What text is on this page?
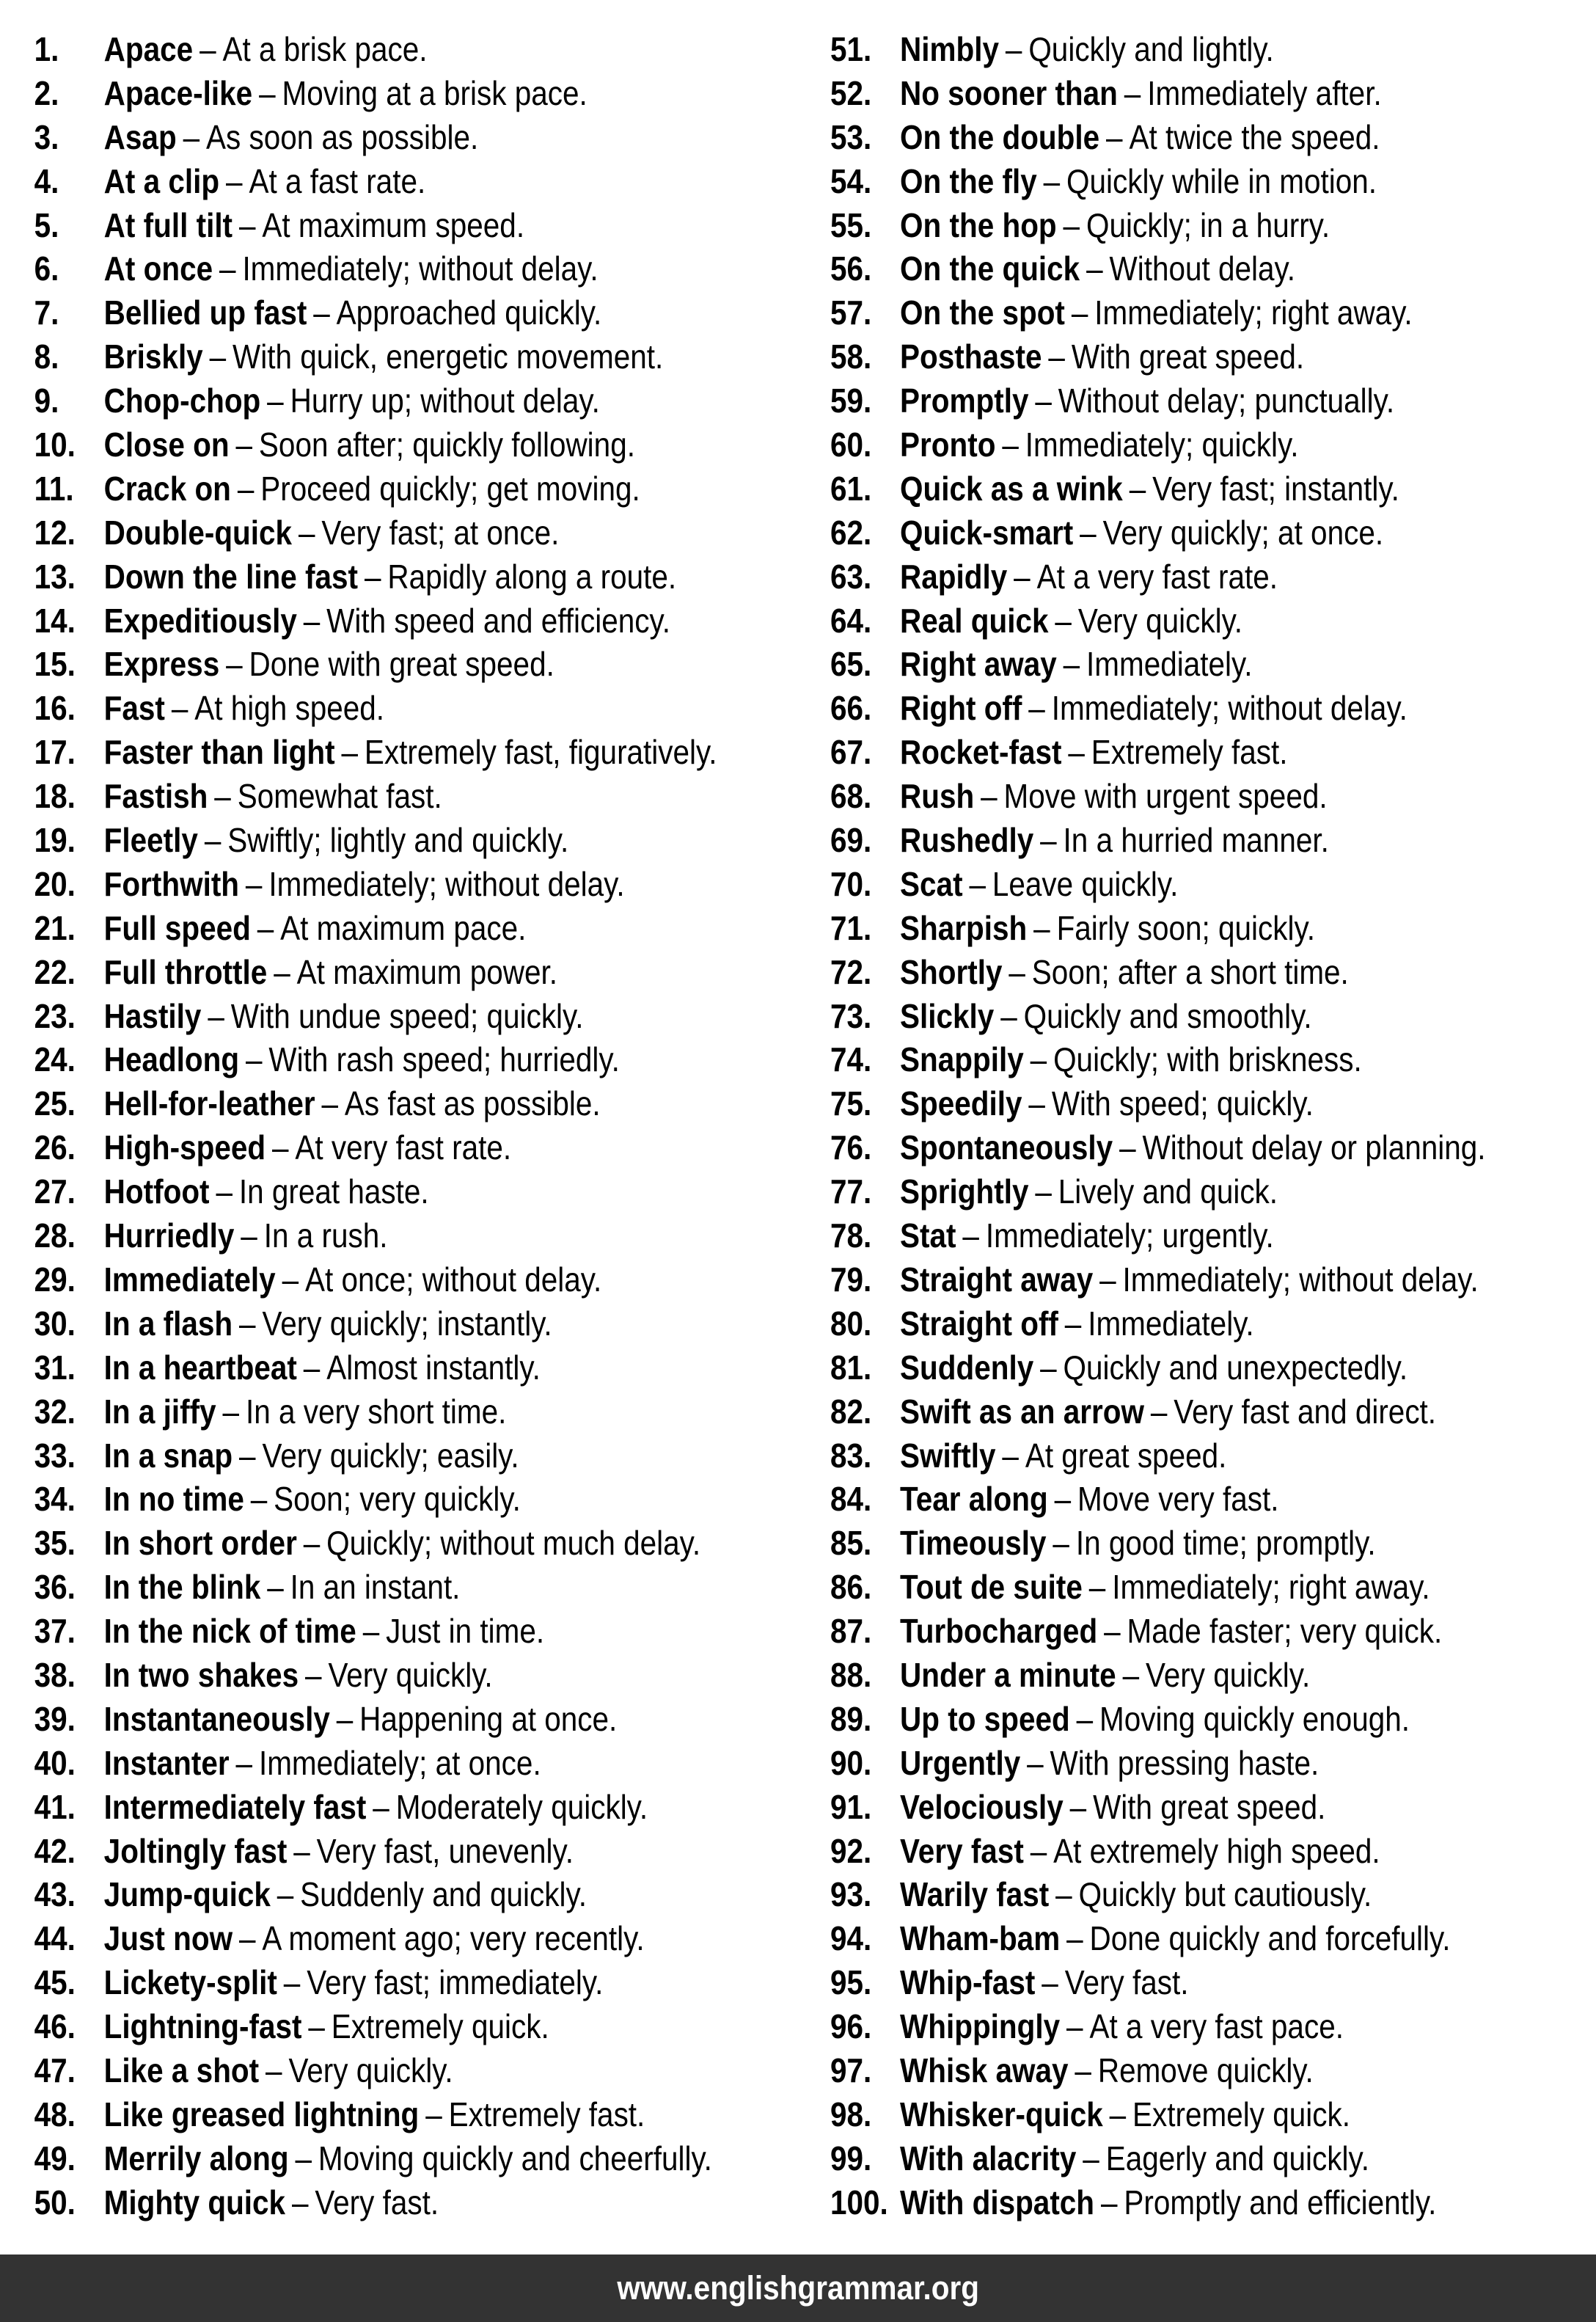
1. Apace – At a brisk pace.
2. Apace-like – Moving at a brisk pace.
3. Asap – As soon as possible.
4. At a clip – At a fast rate.
5. At full tilt – At maximum speed.
6. At once – Immediately; without delay.
7. Bellied up fast – Approached quickly.
8. Briskly – With quick, energetic movement.
9. Chop-chop – Hurry up; without delay.
10. Close on – Soon after; quickly following.
11. Crack on – Proceed quickly; get moving.
12. Double-quick – Very fast; at once.
13. Down the line fast – Rapidly along a route.
14. Expeditiously – With speed and efficiency.
15. Express – Done with great speed.
16. Fast – At high speed.
17. Faster than light – Extremely fast, figuratively.
18. Fastish – Somewhat fast.
19. Fleetly – Swiftly; lightly and quickly.
20. Forthwith – Immediately; without delay.
21. Full speed – At maximum pace.
22. Full throttle – At maximum power.
23. Hastily – With undue speed; quickly.
24. Headlong – With rash speed; hurriedly.
25. Hell-for-leather – As fast as possible.
26. High-speed – At very fast rate.
27. Hotfoot – In great haste.
28. Hurriedly – In a rush.
29. Immediately – At once; without delay.
30. In a flash – Very quickly; instantly.
31. In a heartbeat – Almost instantly.
32. In a jiffy – In a very short time.
33. In a snap – Very quickly; easily.
34. In no time – Soon; very quickly.
35. In short order – Quickly; without much delay.
36. In the blink – In an instant.
37. In the nick of time – Just in time.
38. In two shakes – Very quickly.
39. Instantaneously – Happening at once.
40. Instanter – Immediately; at once.
41. Intermediately fast – Moderately quickly.
42. Joltingly fast – Very fast, unevenly.
43. Jump-quick – Suddenly and quickly.
44. Just now – A moment ago; very recently.
45. Lickety-split – Very fast; immediately.
46. Lightning-fast – Extremely quick.
47. Like a shot – Very quickly.
48. Like greased lightning – Extremely fast.
49. Merrily along – Moving quickly and cheerfully.
50. Mighty quick – Very fast.
51. Nimbly – Quickly and lightly.
52. No sooner than – Immediately after.
53. On the double – At twice the speed.
54. On the fly – Quickly while in motion.
55. On the hop – Quickly; in a hurry.
56. On the quick – Without delay.
57. On the spot – Immediately; right away.
58. Posthaste – With great speed.
59. Promptly – Without delay; punctually.
60. Pronto – Immediately; quickly.
61. Quick as a wink – Very fast; instantly.
62. Quick-smart – Very quickly; at once.
63. Rapidly – At a very fast rate.
64. Real quick – Very quickly.
65. Right away – Immediately.
66. Right off – Immediately; without delay.
67. Rocket-fast – Extremely fast.
68. Rush – Move with urgent speed.
69. Rushedly – In a hurried manner.
70. Scat – Leave quickly.
71. Sharpish – Fairly soon; quickly.
72. Shortly – Soon; after a short time.
73. Slickly – Quickly and smoothly.
74. Snappily – Quickly; with briskness.
75. Speedily – With speed; quickly.
76. Spontaneously – Without delay or planning.
77. Sprightly – Lively and quick.
78. Stat – Immediately; urgently.
79. Straight away – Immediately; without delay.
80. Straight off – Immediately.
81. Suddenly – Quickly and unexpectedly.
82. Swift as an arrow – Very fast and direct.
83. Swiftly – At great speed.
84. Tear along – Move very fast.
85. Timeously – In good time; promptly.
86. Tout de suite – Immediately; right away.
87. Turbocharged – Made faster; very quick.
88. Under a minute – Very quickly.
89. Up to speed – Moving quickly enough.
90. Urgently – With pressing haste.
91. Velociously – With great speed.
92. Very fast – At extremely high speed.
93. Warily fast – Quickly but cautiously.
94. Wham-bam – Done quickly and forcefully.
95. Whip-fast – Very fast.
96. Whippingly – At a very fast pace.
97. Whisk away – Remove quickly.
98. Whisker-quick – Extremely quick.
99. With alacrity – Eagerly and quickly.
100. With dispatch – Promptly and efficiently.
www.englishgrammar.org
